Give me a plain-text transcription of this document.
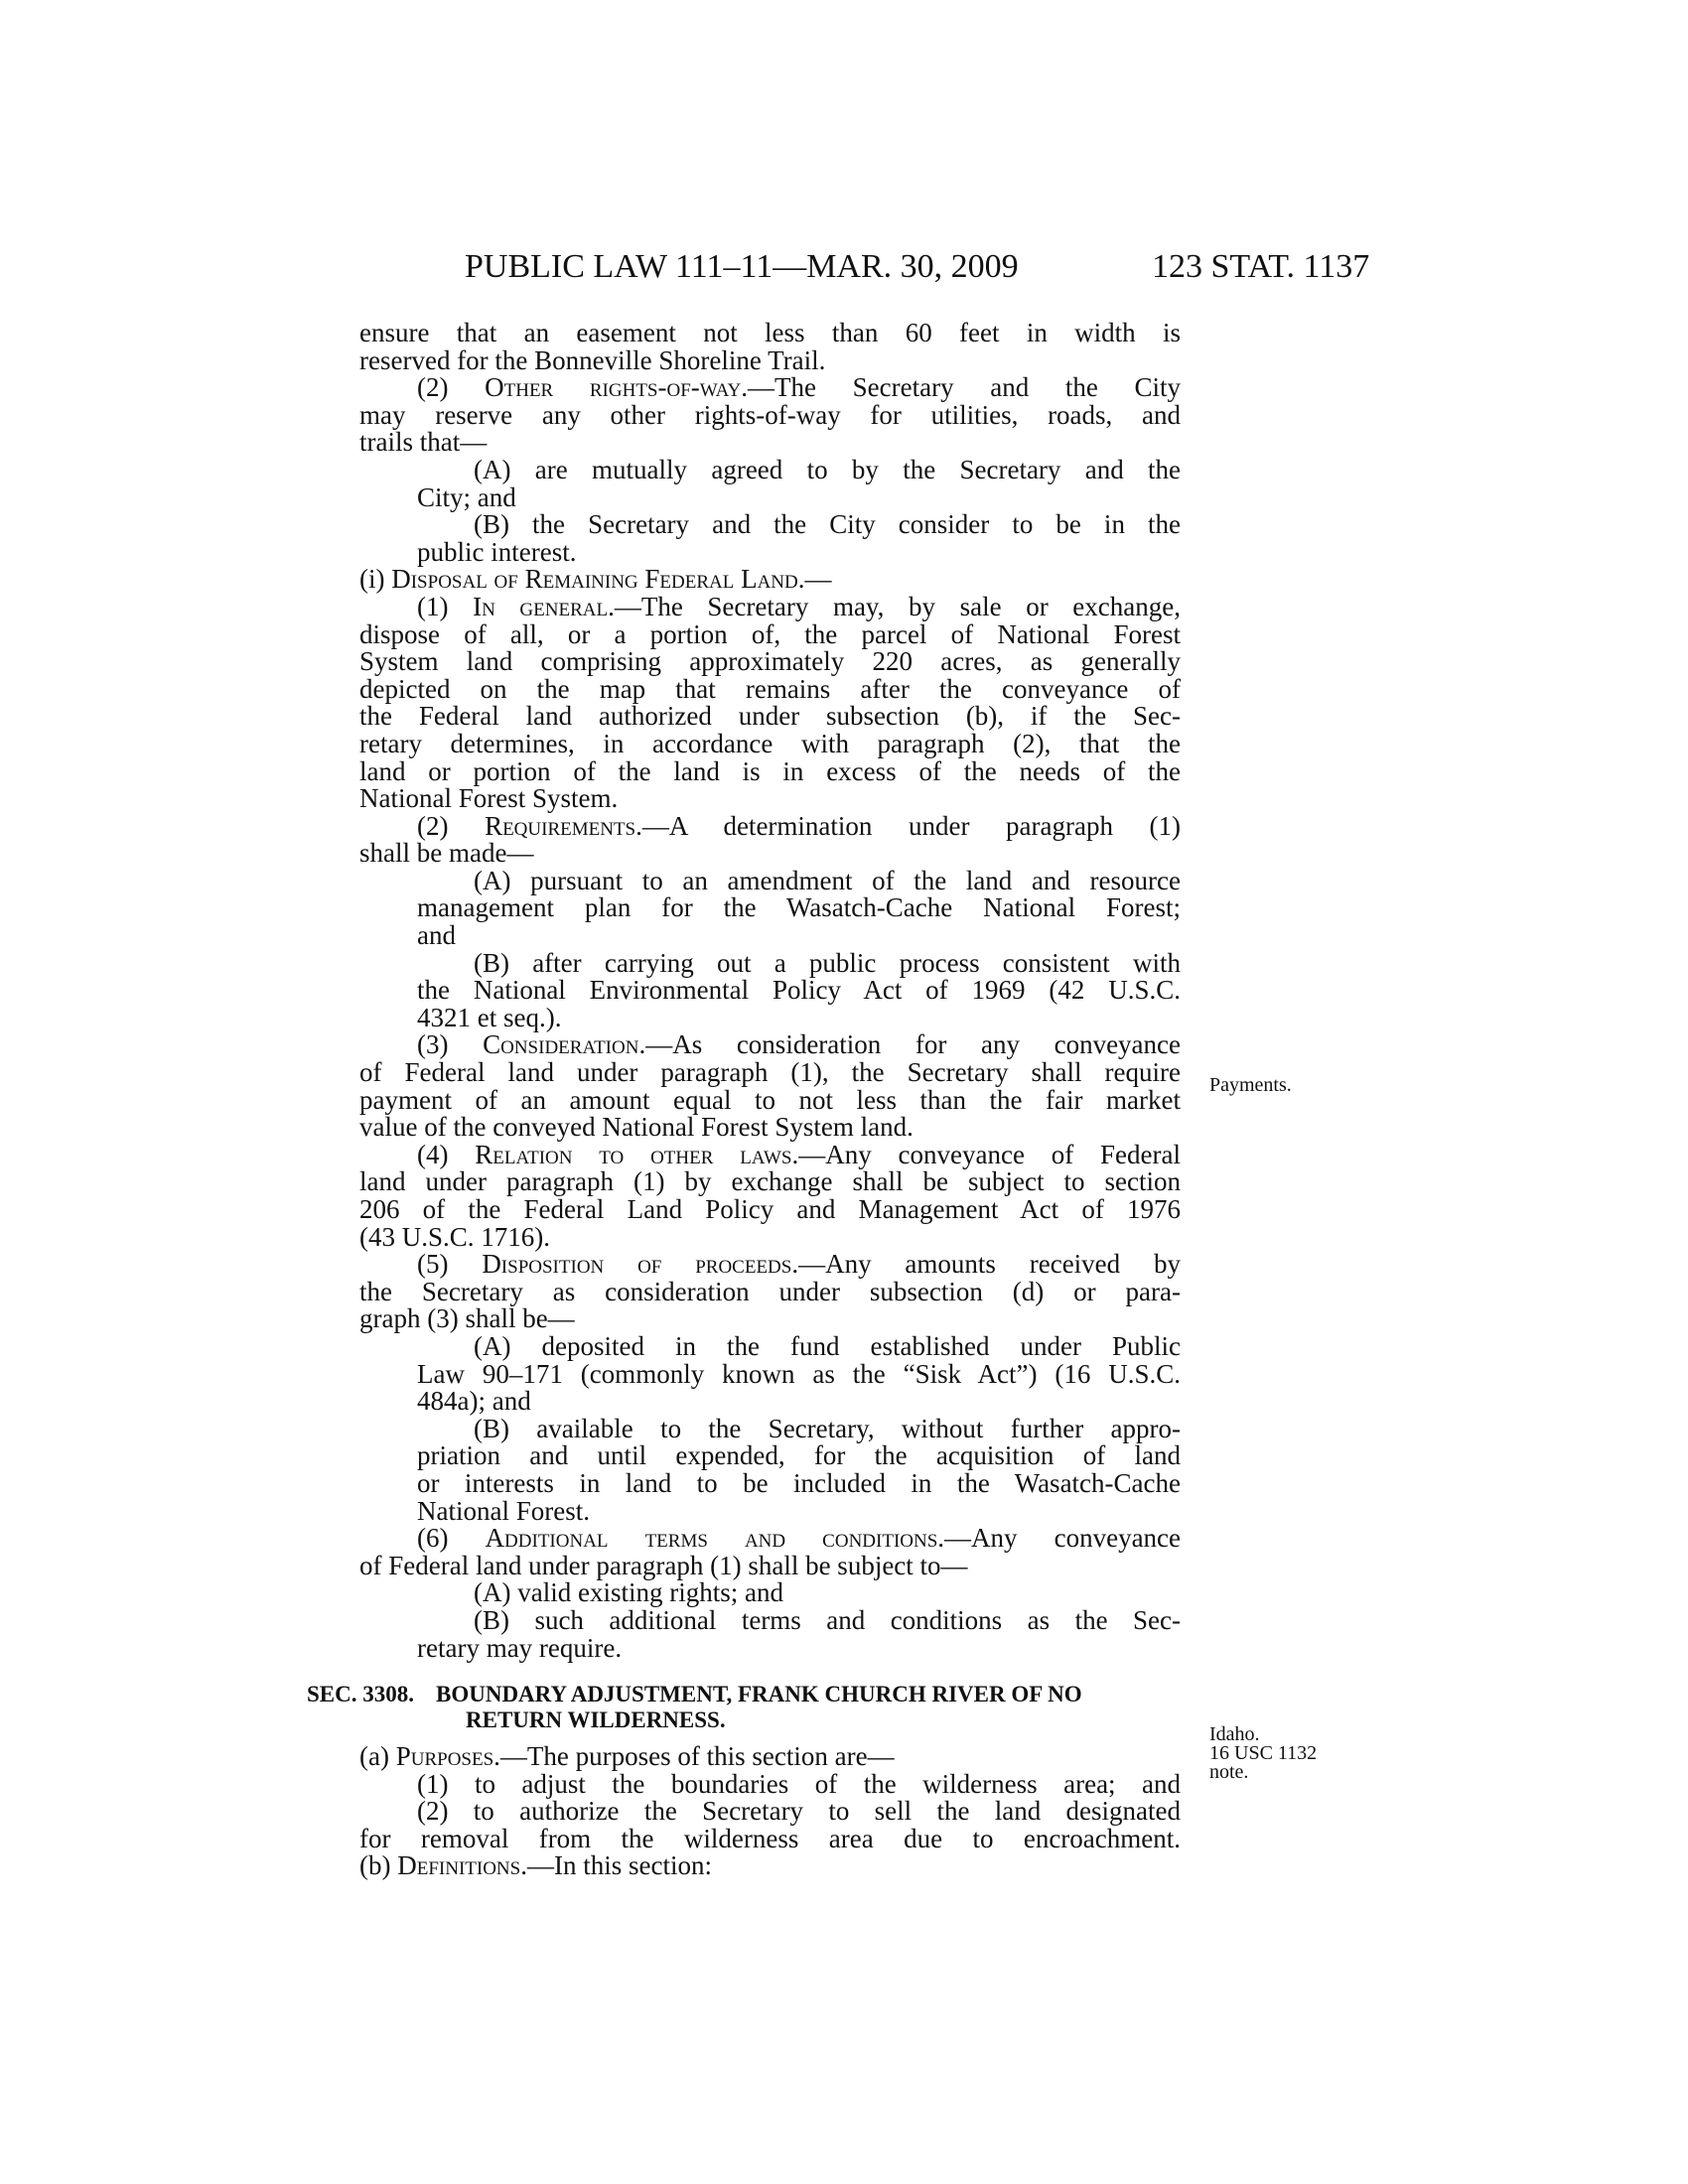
PUBLIC LAW 111–11—MAR. 30, 2009	123 STAT. 1137
ensure that an easement not less than 60 feet in width is
reserved for the Bonneville Shoreline Trail.
(2) Other rights-of-way.—The Secretary and the City
may reserve any other rights-of-way for utilities, roads, and
trails that—
(A) are mutually agreed to by the Secretary and the
City; and
(B) the Secretary and the City consider to be in the
public interest.
(i) Disposal of Remaining Federal Land.—
(1) In general.—The Secretary may, by sale or exchange,
dispose of all, or a portion of, the parcel of National Forest
System land comprising approximately 220 acres, as generally
depicted on the map that remains after the conveyance of
the Federal land authorized under subsection (b), if the Sec-
retary determines, in accordance with paragraph (2), that the
land or portion of the land is in excess of the needs of the
National Forest System.
(2) Requirements.—A determination under paragraph (1)
shall be made—
(A) pursuant to an amendment of the land and resource
management plan for the Wasatch-Cache National Forest;
and
(B) after carrying out a public process consistent with
the National Environmental Policy Act of 1969 (42 U.S.C.
4321 et seq.).
(3) Consideration.—As consideration for any conveyance
of Federal land under paragraph (1), the Secretary shall require
payment of an amount equal to not less than the fair market
value of the conveyed National Forest System land.
(4) Relation to other laws.—Any conveyance of Federal
land under paragraph (1) by exchange shall be subject to section
206 of the Federal Land Policy and Management Act of 1976
(43 U.S.C. 1716).
(5) Disposition of proceeds.—Any amounts received by
the Secretary as consideration under subsection (d) or para-
graph (3) shall be—
(A) deposited in the fund established under Public
Law 90–171 (commonly known as the “Sisk Act”) (16 U.S.C.
484a); and
(B) available to the Secretary, without further appro-
priation and until expended, for the acquisition of land
or interests in land to be included in the Wasatch-Cache
National Forest.
(6) Additional terms and conditions.—Any conveyance
of Federal land under paragraph (1) shall be subject to—
(A) valid existing rights; and
(B) such additional terms and conditions as the Sec-
retary may require.
SEC. 3308. BOUNDARY ADJUSTMENT, FRANK CHURCH RIVER OF NO
RETURN WILDERNESS.
(a) Purposes.—The purposes of this section are—
(1) to adjust the boundaries of the wilderness area; and
(2) to authorize the Secretary to sell the land designated
for removal from the wilderness area due to encroachment.
(b) Definitions.—In this section:
Payments.
Idaho.
16 USC 1132
note.
